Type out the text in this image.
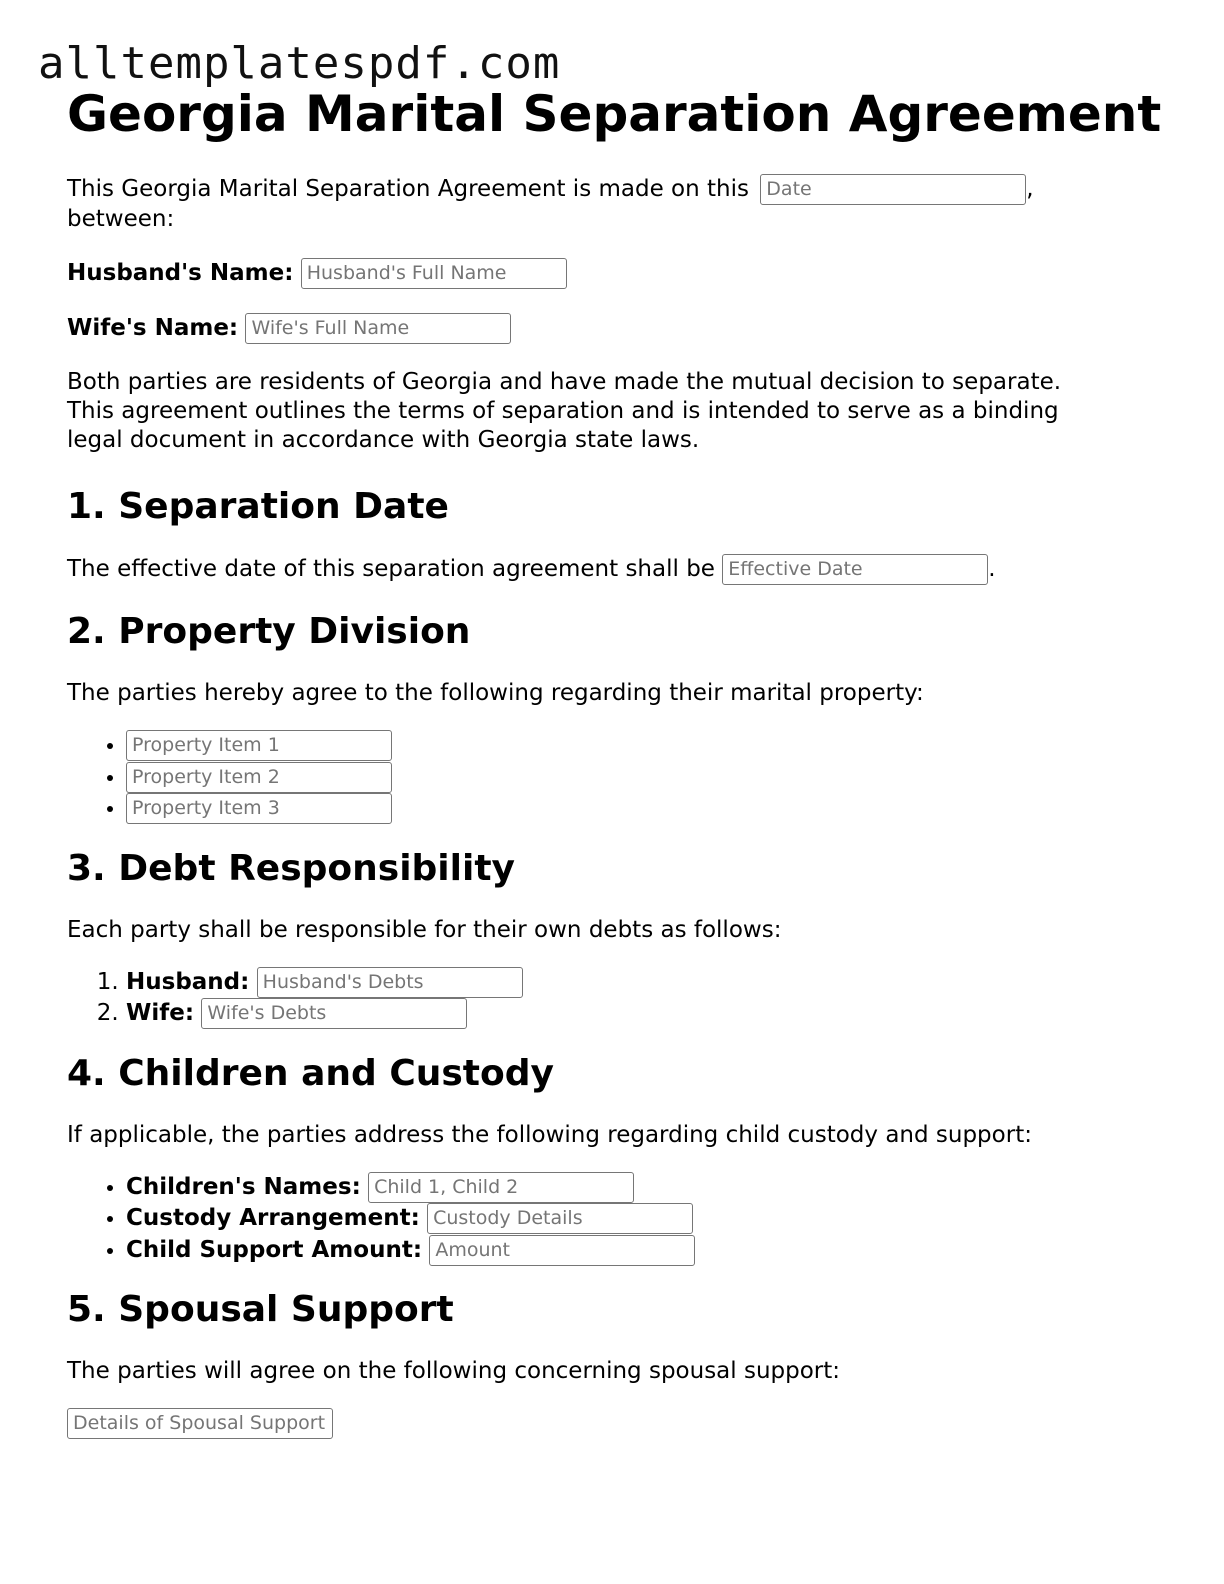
alltemplatespdf.com
Georgia Marital Separation Agreement

This Georgia Marital Separation Agreement is made on this Date	,
between:

Husband's Name: Husband's Full Name

Wife's Name: Wife's Full Name

Both parties are residents of Georgia and have made the mutual decision to separate. This agreement outlines the terms of separation and is intended to serve as a binding legal document in accordance with Georgia state laws.

1. Separation Date

The effective date of this separation agreement shall be Effective Date	.

2. Property Division

The parties hereby agree to the following regarding their marital property:

• Property Item 1
• Property Item 2
• Property Item 3
3. Debt Responsibility

Each party shall be responsible for their own debts as follows:

1. Husband: Husband's Debts
2. Wife: Wife's Debts
4. Children and Custody

If applicable, the parties address the following regarding child custody and support:

• Children's Names: Child 1, Child 2
• Custody Arrangement: Custody Details
• Child Support Amount: Amount
5. Spousal Support

The parties will agree on the following concerning spousal support:

Details of Spousal Support
